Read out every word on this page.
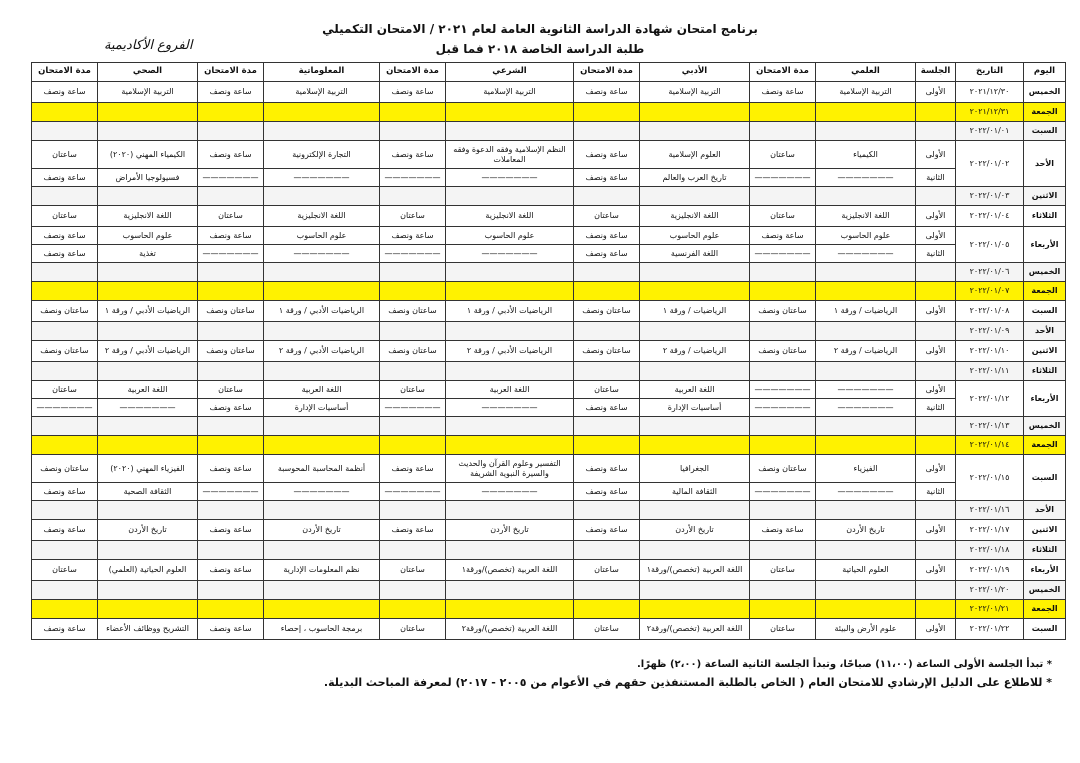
برنامج امتحان شهادة الدراسة الثانوية العامة لعام ٢٠٢١ / الامتحان التكميلي
طلبة الدراسة الخاصة ٢٠١٨ فما قبل
الفروع الأكاديمية
اليوم	التاريخ	الجلسة	العلمي	مدة الامتحان	الأدبي	مدة الامتحان	الشرعي	مدة الامتحان	المعلوماتية	مدة الامتحان	الصحي	مدة الامتحان
الخميس	٢٠٢١/١٢/٣٠	الأولى	التربية الإسلامية	ساعة ونصف	التربية الإسلامية	ساعة ونصف	التربية الإسلامية	ساعة ونصف	التربية الإسلامية	ساعة ونصف	التربية الإسلامية	ساعة ونصف
الجمعة	٢٠٢١/١٢/٣١											
السبت	٢٠٢٢/٠١/٠١											
الأحد	٢٠٢٢/٠١/٠٢	الأولى	الكيمياء	ساعتان	العلوم الإسلامية	ساعة ونصف	النظم الإسلامية وفقه الدعوة وفقه المعاملات	ساعة ونصف	التجارة الإلكترونية	ساعة ونصف	الكيمياء المهني (٢٠٢٠)	ساعتان
		الثانية	———————	———————	تاريخ العرب والعالم	ساعة ونصف	———————	———————	———————	———————	فسيولوجيا الأمراض	ساعة ونصف
الاثنين	٢٠٢٢/٠١/٠٣											
الثلاثاء	٢٠٢٢/٠١/٠٤	الأولى	اللغة الانجليزية	ساعتان	اللغة الانجليزية	ساعتان	اللغة الانجليزية	ساعتان	اللغة الانجليزية	ساعتان	اللغة الانجليزية	ساعتان
الأربعاء	٢٠٢٢/٠١/٠٥	الأولى	علوم الحاسوب	ساعة ونصف	علوم الحاسوب	ساعة ونصف	علوم الحاسوب	ساعة ونصف	علوم الحاسوب	ساعة ونصف	علوم الحاسوب	ساعة ونصف
		الثانية	———————	———————	اللغة الفرنسية	ساعة ونصف	———————	———————	———————	———————	تغذية	ساعة ونصف
الخميس	٢٠٢٢/٠١/٠٦											
الجمعة	٢٠٢٢/٠١/٠٧											
السبت	٢٠٢٢/٠١/٠٨	الأولى	الرياضيات / ورقة ١	ساعتان ونصف	الرياضيات / ورقة ١	ساعتان ونصف	الرياضيات الأدبي / ورقة ١	ساعتان ونصف	الرياضيات الأدبي / ورقة ١	ساعتان ونصف	الرياضيات الأدبي / ورقة ١	ساعتان ونصف
الأحد	٢٠٢٢/٠١/٠٩											
الاثنين	٢٠٢٢/٠١/١٠	الأولى	الرياضيات / ورقة ٢	ساعتان ونصف	الرياضيات / ورقة ٢	ساعتان ونصف	الرياضيات الأدبي / ورقة ٢	ساعتان ونصف	الرياضيات الأدبي / ورقة ٢	ساعتان ونصف	الرياضيات الأدبي / ورقة ٢	ساعتان ونصف
الثلاثاء	٢٠٢٢/٠١/١١											
الأربعاء	٢٠٢٢/٠١/١٢	الأولى	———————	———————	اللغة العربية	ساعتان	اللغة العربية	ساعتان	اللغة العربية	ساعتان	اللغة العربية	ساعتان
		الثانية	———————	———————	أساسيات الإدارة	ساعة ونصف	———————	———————	أساسيات الإدارة	ساعة ونصف	———————	———————
الخميس	٢٠٢٢/٠١/١٣											
الجمعة	٢٠٢٢/٠١/١٤											
السبت	٢٠٢٢/٠١/١٥	الأولى	الفيزياء	ساعتان ونصف	الجغرافيا	ساعة ونصف	التفسير وعلوم القرآن والحديث والسيرة النبوية الشريفة	ساعة ونصف	أنظمة المحاسبة المحوسبة	ساعة ونصف	الفيزياء المهني (٢٠٢٠)	ساعتان ونصف
		الثانية	———————	———————	الثقافة المالية	ساعة ونصف	———————	———————	———————	———————	الثقافة الصحية	ساعة ونصف
الأحد	٢٠٢٢/٠١/١٦											
الاثنين	٢٠٢٢/٠١/١٧	الأولى	تاريخ الأردن	ساعة ونصف	تاريخ الأردن	ساعة ونصف	تاريخ الأردن	ساعة ونصف	تاريخ الأردن	ساعة ونصف	تاريخ الأردن	ساعة ونصف
الثلاثاء	٢٠٢٢/٠١/١٨											
الأربعاء	٢٠٢٢/٠١/١٩	الأولى	العلوم الحياتية	ساعتان	اللغة العربية (تخصص)/ورقة١	ساعتان	اللغة العربية (تخصص)/ورقة١	ساعتان	نظم المعلومات الإدارية	ساعة ونصف	العلوم الحياتية (العلمي)	ساعتان
الخميس	٢٠٢٢/٠١/٢٠											
الجمعة	٢٠٢٢/٠١/٢١											
السبت	٢٠٢٢/٠١/٢٢	الأولى	علوم الأرض والبيئة	ساعتان	اللغة العربية (تخصص)/ورقة٢	ساعتان	اللغة العربية (تخصص)/ورقة٢	ساعتان	برمجة الحاسوب ، إحصاء	ساعة ونصف	التشريح ووظائف الأعضاء	ساعة ونصف
* تبدأ الجلسة الأولى الساعة (١١،٠٠) صباحًا، وتبدأ الجلسة الثانية الساعة (٢،٠٠) ظهرًا.
* للاطلاع على الدليل الإرشادي للامتحان العام ( الخاص بالطلبة المستنفذين حقهم في الأعوام من ٢٠٠٥ - ٢٠١٧) لمعرفة المباحث البديلة.
